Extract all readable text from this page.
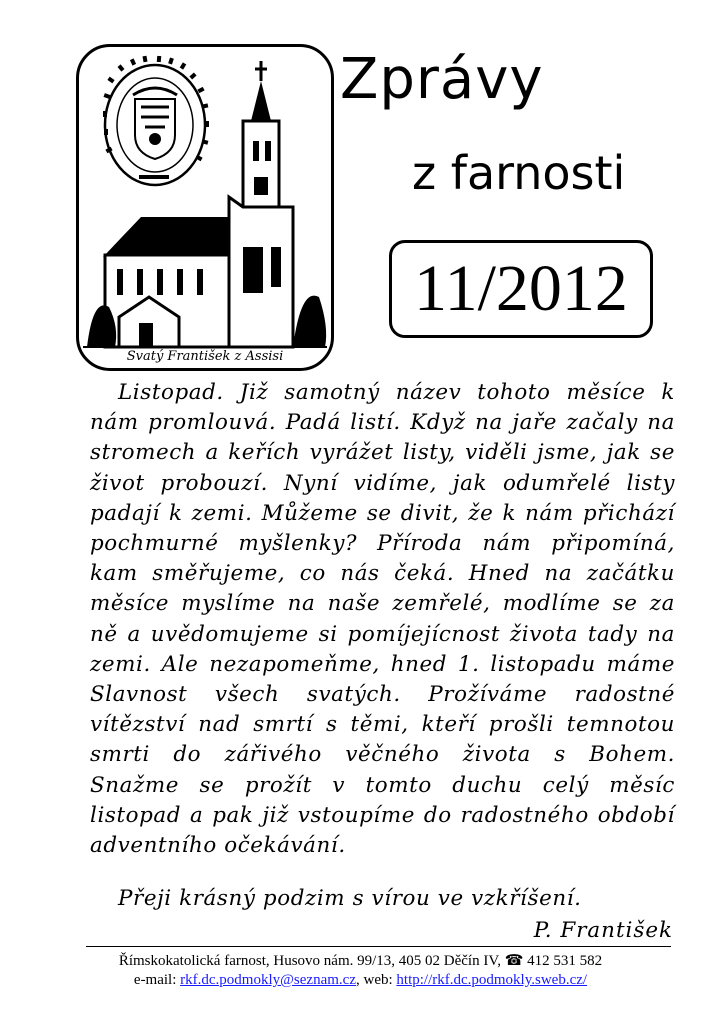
Svatý František z Assisi
Zprávy
z farnosti
11/2012

Listopad. Již samotný název tohoto měsíce k nám promlouvá. Padá listí. Když na jaře začaly na stromech a keřích vyrážet listy, viděli jsme, jak se život probouzí. Nyní vidíme, jak odumřelé listy padají k zemi. Můžeme se divit, že k nám přichází pochmurné myšlenky? Příroda nám připomíná, kam směřujeme, co nás čeká. Hned na začátku měsíce myslíme na naše zemřelé, modlíme se za ně a uvědomujeme si pomíjejícnost života tady na zemi. Ale nezapomeňme, hned 1. listopadu máme Slavnost všech svatých. Prožíváme radostné vítězství nad smrtí s těmi, kteří prošli temnotou smrti do zářivého věčného života s Bohem. Snažme se prožít v tomto duchu celý měsíc listopad a pak již vstoupíme do radostného období adventního očekávání.

Přeji krásný podzim s vírou ve vzkříšení.
P. František
Římskokatolická farnost, Husovo nám. 99/13, 405 02 Děčín IV, ☎ 412 531 582
e-mail: rkf.dc.podmokly@seznam.cz, web: http://rkf.dc.podmokly.sweb.cz/
